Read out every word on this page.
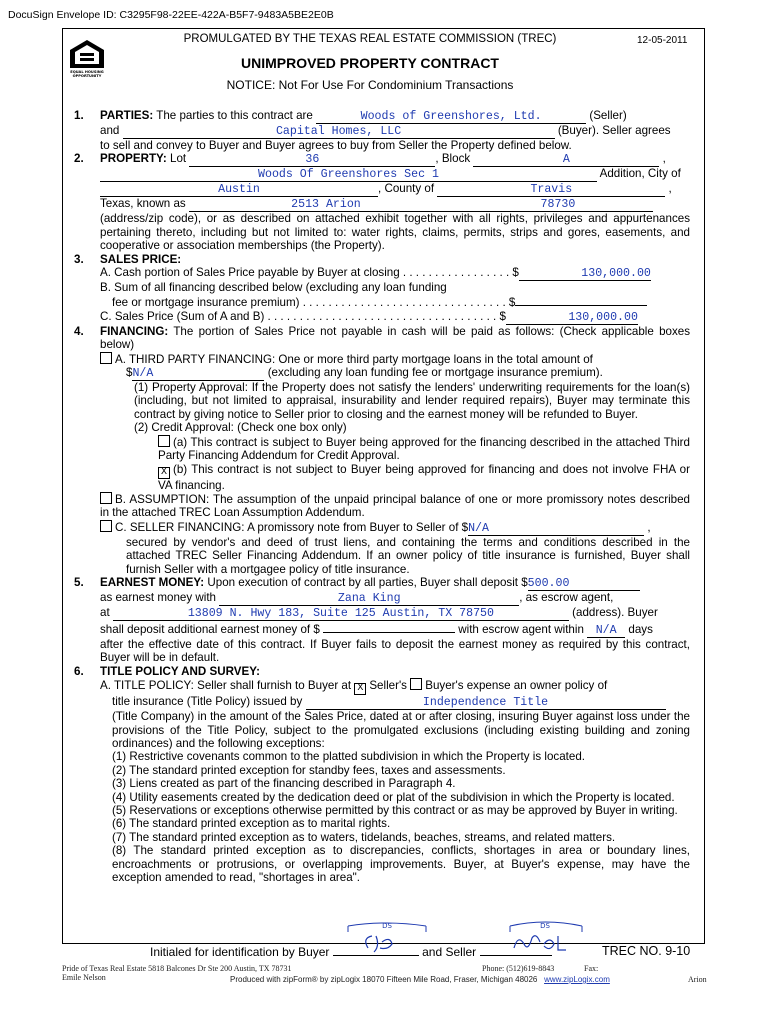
DocuSign Envelope ID: C3295F98-22EE-422A-B5F7-9483A5BE2E0B
EQUAL HOUSING
OPPORTUNITY
PROMULGATED BY THE TEXAS REAL ESTATE COMMISSION (TREC)	12-05-2011
UNIMPROVED PROPERTY CONTRACT
NOTICE: Not For Use For Condominium Transactions
1. PARTIES: The parties to this contract are	Woods of Greenshores, Ltd.	(Seller)
and	Capital Homes, LLC	(Buyer). Seller agrees
to sell and convey to Buyer and Buyer agrees to buy from Seller the Property defined below.
2. PROPERTY: Lot	36	, Block	A	,
Woods Of Greenshores Sec 1	Addition, City of
Austin	, County of	Travis	,
Texas, known as	2513 Arion	78730
(address/zip code), or as described on attached exhibit together with all rights, privileges and appurtenances pertaining thereto, including but not limited to: water rights, claims, permits, strips and gores, easements, and cooperative or association memberships (the Property).
3. SALES PRICE:
A. Cash portion of Sales Price payable by Buyer at closing . . . . . . . . . . . . . . . . . $	130,000.00
B. Sum of all financing described below (excluding any loan funding
fee or mortgage insurance premium) . . . . . . . . . . . . . . . . . . . . . . . . . . . . . . . . $
C. Sales Price (Sum of A and B) . . . . . . . . . . . . . . . . . . . . . . . . . . . . . . . . . . . . $	130,000.00
4. FINANCING: The portion of Sales Price not payable in cash will be paid as follows: (Check applicable boxes below)
A. THIRD PARTY FINANCING: One or more third party mortgage loans in the total amount of
$N/A	(excluding any loan funding fee or mortgage insurance premium).
(1) Property Approval: If the Property does not satisfy the lenders' underwriting requirements for the loan(s) (including, but not limited to appraisal, insurability and lender required repairs), Buyer may terminate this contract by giving notice to Seller prior to closing and the earnest money will be refunded to Buyer.
(2) Credit Approval: (Check one box only)
(a) This contract is subject to Buyer being approved for the financing described in the attached Third Party Financing Addendum for Credit Approval.
X (b) This contract is not subject to Buyer being approved for financing and does not involve FHA or VA financing.
B. ASSUMPTION: The assumption of the unpaid principal balance of one or more promissory notes described in the attached TREC Loan Assumption Addendum.
C. SELLER FINANCING: A promissory note from Buyer to Seller of $N/A	,
secured by vendor's and deed of trust liens, and containing the terms and conditions described in the attached TREC Seller Financing Addendum. If an owner policy of title insurance is furnished, Buyer shall furnish Seller with a mortgagee policy of title insurance.
5. EARNEST MONEY: Upon execution of contract by all parties, Buyer shall deposit $500.00
as earnest money with	Zana King	, as escrow agent,
at	13809 N. Hwy 183, Suite 125 Austin, TX 78750	(address). Buyer
shall deposit additional earnest money of $	with escrow agent within N/A days
after the effective date of this contract. If Buyer fails to deposit the earnest money as required by this contract, Buyer will be in default.
6. TITLE POLICY AND SURVEY:
A. TITLE POLICY: Seller shall furnish to Buyer at X Seller's Buyer's expense an owner policy of
title insurance (Title Policy) issued by	Independence Title
(Title Company) in the amount of the Sales Price, dated at or after closing, insuring Buyer against loss under the provisions of the Title Policy, subject to the promulgated exclusions (including existing building and zoning ordinances) and the following exceptions:
(1) Restrictive covenants common to the platted subdivision in which the Property is located.
(2) The standard printed exception for standby fees, taxes and assessments.
(3) Liens created as part of the financing described in Paragraph 4.
(4) Utility easements created by the dedication deed or plat of the subdivision in which the Property is located.
(5) Reservations or exceptions otherwise permitted by this contract or as may be approved by Buyer in writing.
(6) The standard printed exception as to marital rights.
(7) The standard printed exception as to waters, tidelands, beaches, streams, and related matters.
(8) The standard printed exception as to discrepancies, conflicts, shortages in area or boundary lines, encroachments or protrusions, or overlapping improvements. Buyer, at Buyer's expense, may have the exception amended to read, "shortages in area".
Initialed for identification by Buyer	and Seller
DS	DS
TREC NO. 9-10
Pride of Texas Real Estate 5818 Balcones Dr Ste 200 Austin, TX 78731
Emile Nelson
Phone: (512)619-8843	Fax:
Produced with zipForm® by zipLogix 18070 Fifteen Mile Road, Fraser, Michigan 48026 www.zipLogix.com	Arion
